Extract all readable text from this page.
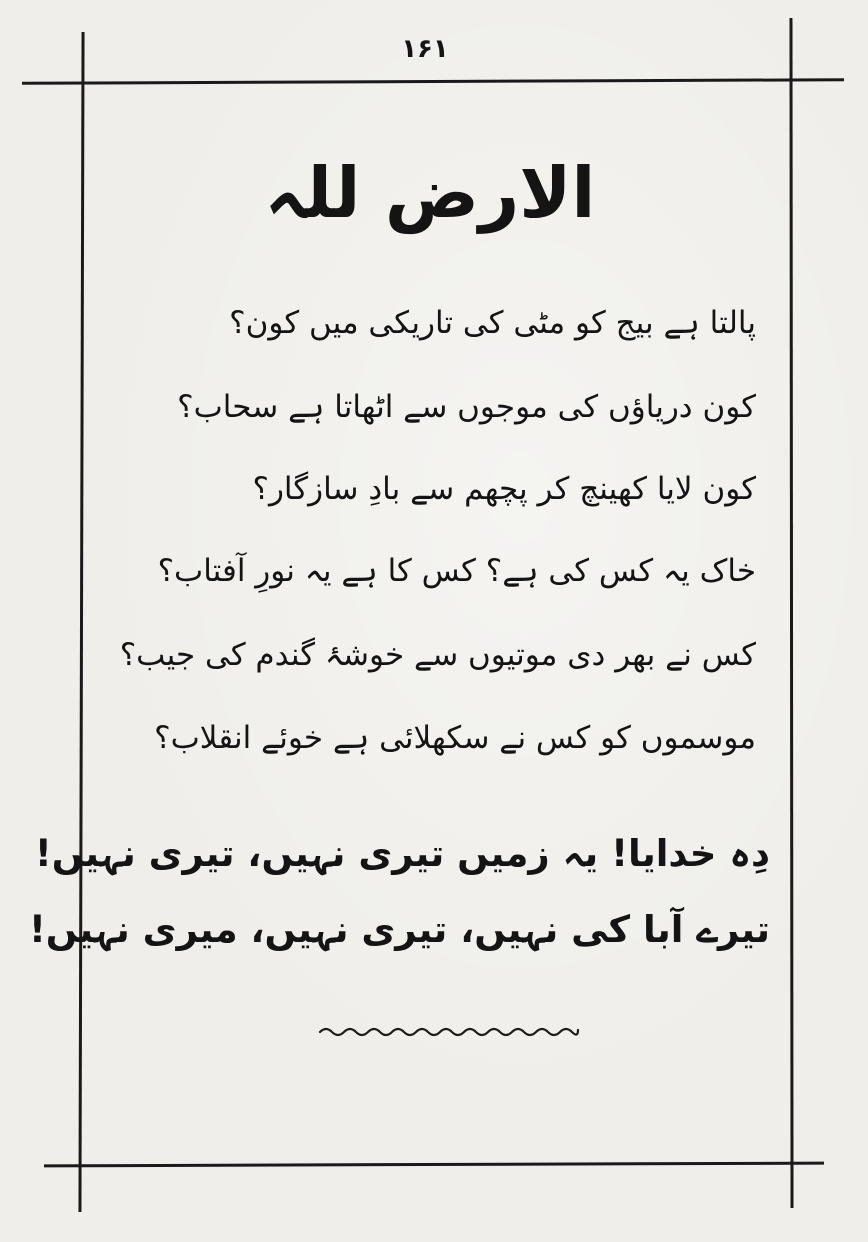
۱۶۱
الارض للہ
پالتا ہے بیج کو مٹی کی تاریکی میں کون؟
کون دریاؤں کی موجوں سے اٹھاتا ہے سحاب؟
کون لایا کھینچ کر پچھم سے بادِ سازگار؟
خاک یہ کس کی ہے؟ کس کا ہے یہ نورِ آفتاب؟
کس نے بھر دی موتیوں سے خوشۂ گندم کی جیب؟
موسموں کو کس نے سکھلائی ہے خوئے انقلاب؟
دِہ خدایا! یہ زمیں تیری نہیں، تیری نہیں!
تیرے آبا کی نہیں، تیری نہیں، میری نہیں!
